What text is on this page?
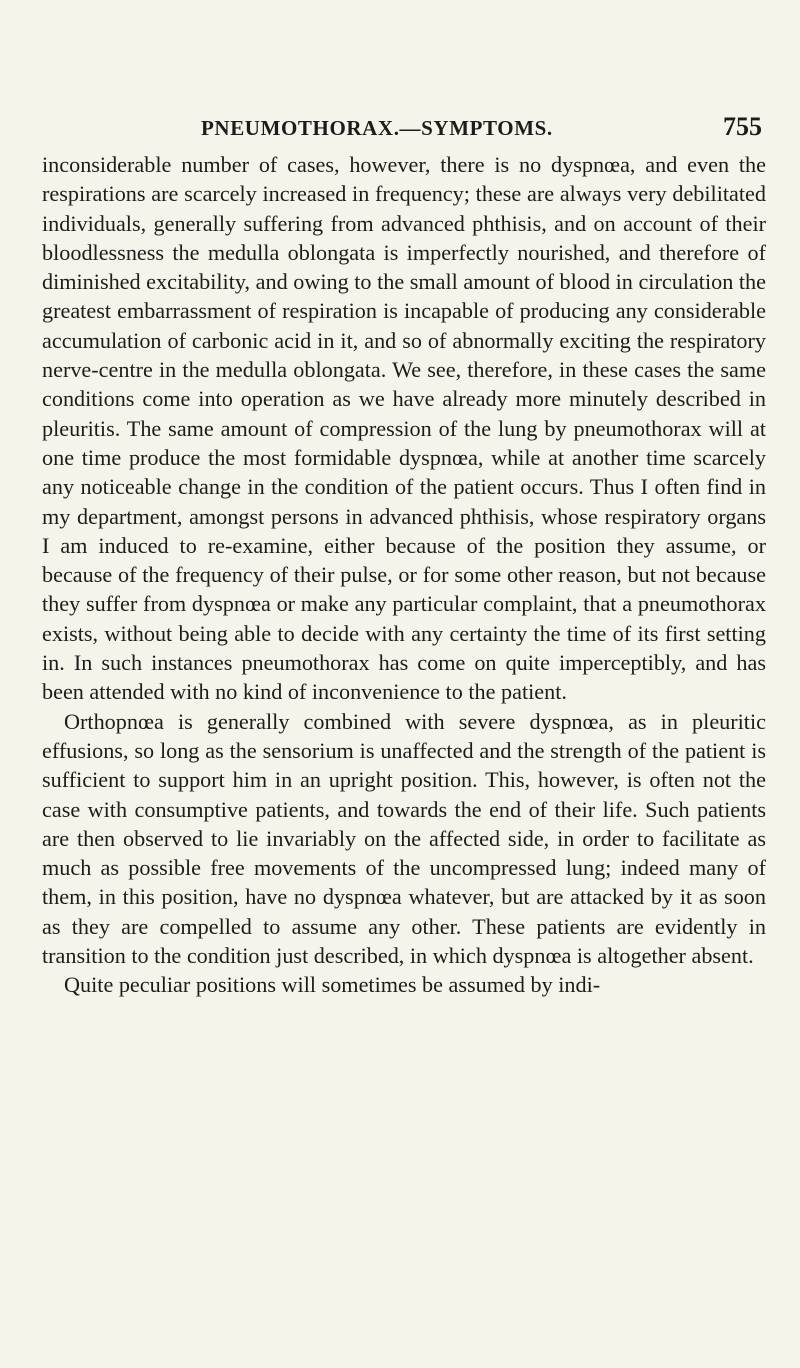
PNEUMOTHORAX.—SYMPTOMS.	755

inconsiderable number of cases, however, there is no dyspnœa, and even the respirations are scarcely increased in frequency; these are always very debilitated individuals, generally suffering from advanced phthisis, and on account of their bloodlessness the medulla oblongata is imperfectly nourished, and therefore of diminished excitability, and owing to the small amount of blood in circulation the greatest embarrassment of respiration is incapable of producing any considerable accumulation of carbonic acid in it, and so of abnormally exciting the respiratory nerve-centre in the medulla oblongata. We see, therefore, in these cases the same conditions come into operation as we have already more minutely described in pleuritis. The same amount of compression of the lung by pneumothorax will at one time produce the most formidable dyspnœa, while at another time scarcely any noticeable change in the condition of the patient occurs. Thus I often find in my department, amongst persons in advanced phthisis, whose respiratory organs I am induced to re-examine, either because of the position they assume, or because of the frequency of their pulse, or for some other reason, but not because they suffer from dyspnœa or make any particular complaint, that a pneumothorax exists, without being able to decide with any certainty the time of its first setting in. In such instances pneumothorax has come on quite imperceptibly, and has been attended with no kind of inconvenience to the patient.

Orthopnœa is generally combined with severe dyspnœa, as in pleuritic effusions, so long as the sensorium is unaffected and the strength of the patient is sufficient to support him in an upright position. This, however, is often not the case with consumptive patients, and towards the end of their life. Such patients are then observed to lie invariably on the affected side, in order to facilitate as much as possible free movements of the uncompressed lung; indeed many of them, in this position, have no dyspnœa whatever, but are attacked by it as soon as they are compelled to assume any other. These patients are evidently in transition to the condition just described, in which dyspnœa is altogether absent.

Quite peculiar positions will sometimes be assumed by indi-
